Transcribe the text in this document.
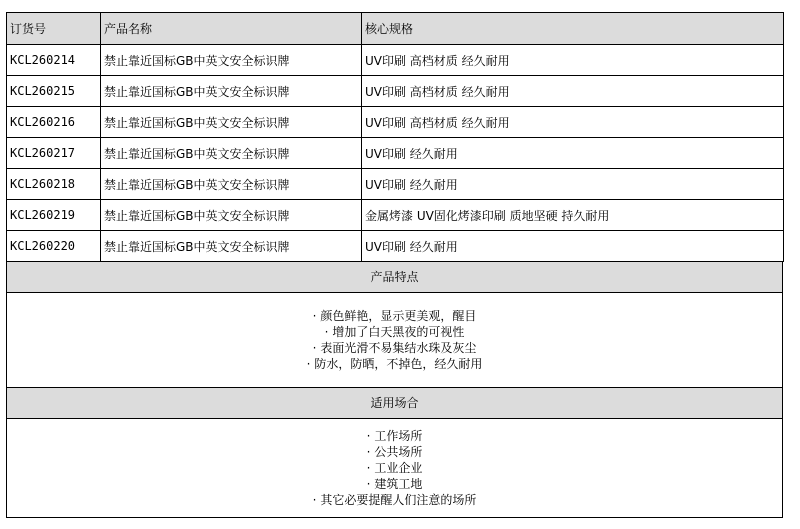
订货号	产品名称	核心规格
KCL260214	禁止靠近国标GB中英文安全标识牌	UV印刷 高档材质 经久耐用
KCL260215	禁止靠近国标GB中英文安全标识牌	UV印刷 高档材质 经久耐用
KCL260216	禁止靠近国标GB中英文安全标识牌	UV印刷 高档材质 经久耐用
KCL260217	禁止靠近国标GB中英文安全标识牌	UV印刷 经久耐用
KCL260218	禁止靠近国标GB中英文安全标识牌	UV印刷 经久耐用
KCL260219	禁止靠近国标GB中英文安全标识牌	金属烤漆 UV固化烤漆印刷 质地坚硬 持久耐用
KCL260220	禁止靠近国标GB中英文安全标识牌	UV印刷 经久耐用
产品特点
· 颜色鲜艳，显示更美观，醒目
· 增加了白天黑夜的可视性
· 表面光滑不易集结水珠及灰尘
· 防水，防晒，不掉色，经久耐用
适用场合
· 工作场所
· 公共场所
· 工业企业
· 建筑工地
· 其它必要提醒人们注意的场所
